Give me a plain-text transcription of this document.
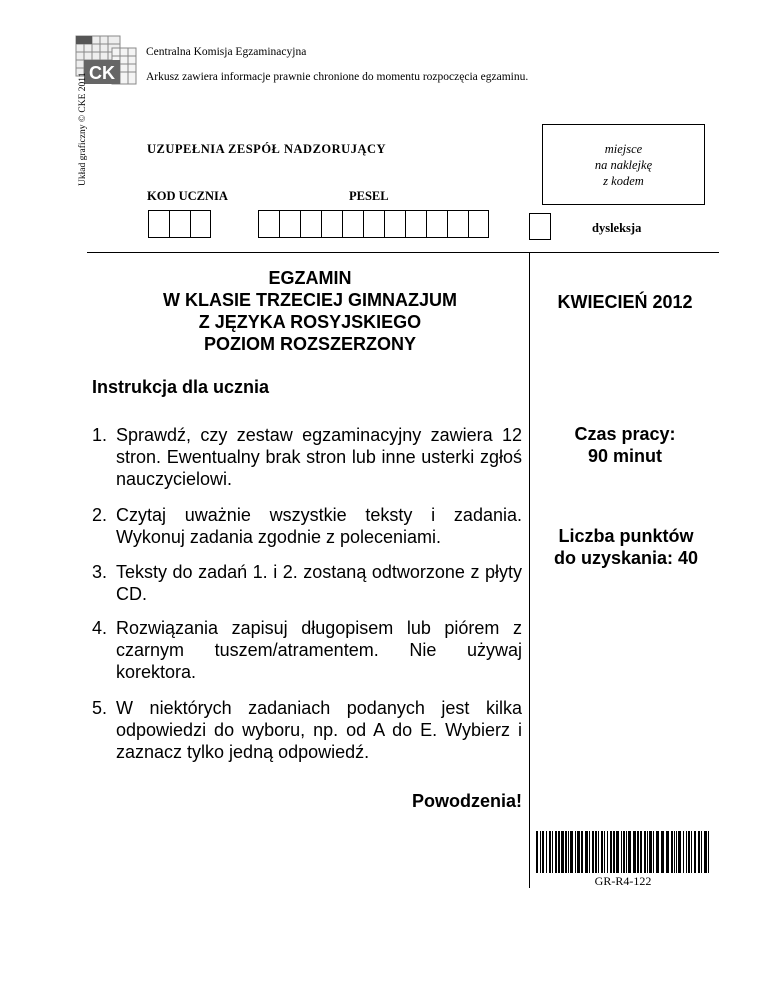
CK
Układ graficzny © CKE 2011
Centralna Komisja Egzaminacyjna
Arkusz zawiera informacje prawnie chronione do momentu rozpoczęcia egzaminu.
UZUPEŁNIA ZESPÓŁ NADZORUJĄCY
KOD UCZNIA	PESEL
miejsce
na naklejkę
z kodem
dysleksja
EGZAMIN
W KLASIE TRZECIEJ GIMNAZJUM
Z JĘZYKA ROSYJSKIEGO
POZIOM ROZSZERZONY
KWIECIEŃ 2012
Instrukcja dla ucznia
1. Sprawdź, czy zestaw egzaminacyjny zawiera 12 stron. Ewentualny brak stron lub inne usterki zgłoś nauczycielowi.
2. Czytaj uważnie wszystkie teksty i zadania. Wykonuj zadania zgodnie z poleceniami.
3. Teksty do zadań 1. i 2. zostaną odtworzone z płyty CD.
4. Rozwiązania zapisuj długopisem lub piórem z czarnym tuszem/atramentem. Nie używaj korektora.
5. W niektórych zadaniach podanych jest kilka odpowiedzi do wyboru, np. od A do E. Wybierz i zaznacz tylko jedną odpowiedź.
Czas pracy:
90 minut
Liczba punktów
do uzyskania: 40
Powodzenia!
GR-R4-122
